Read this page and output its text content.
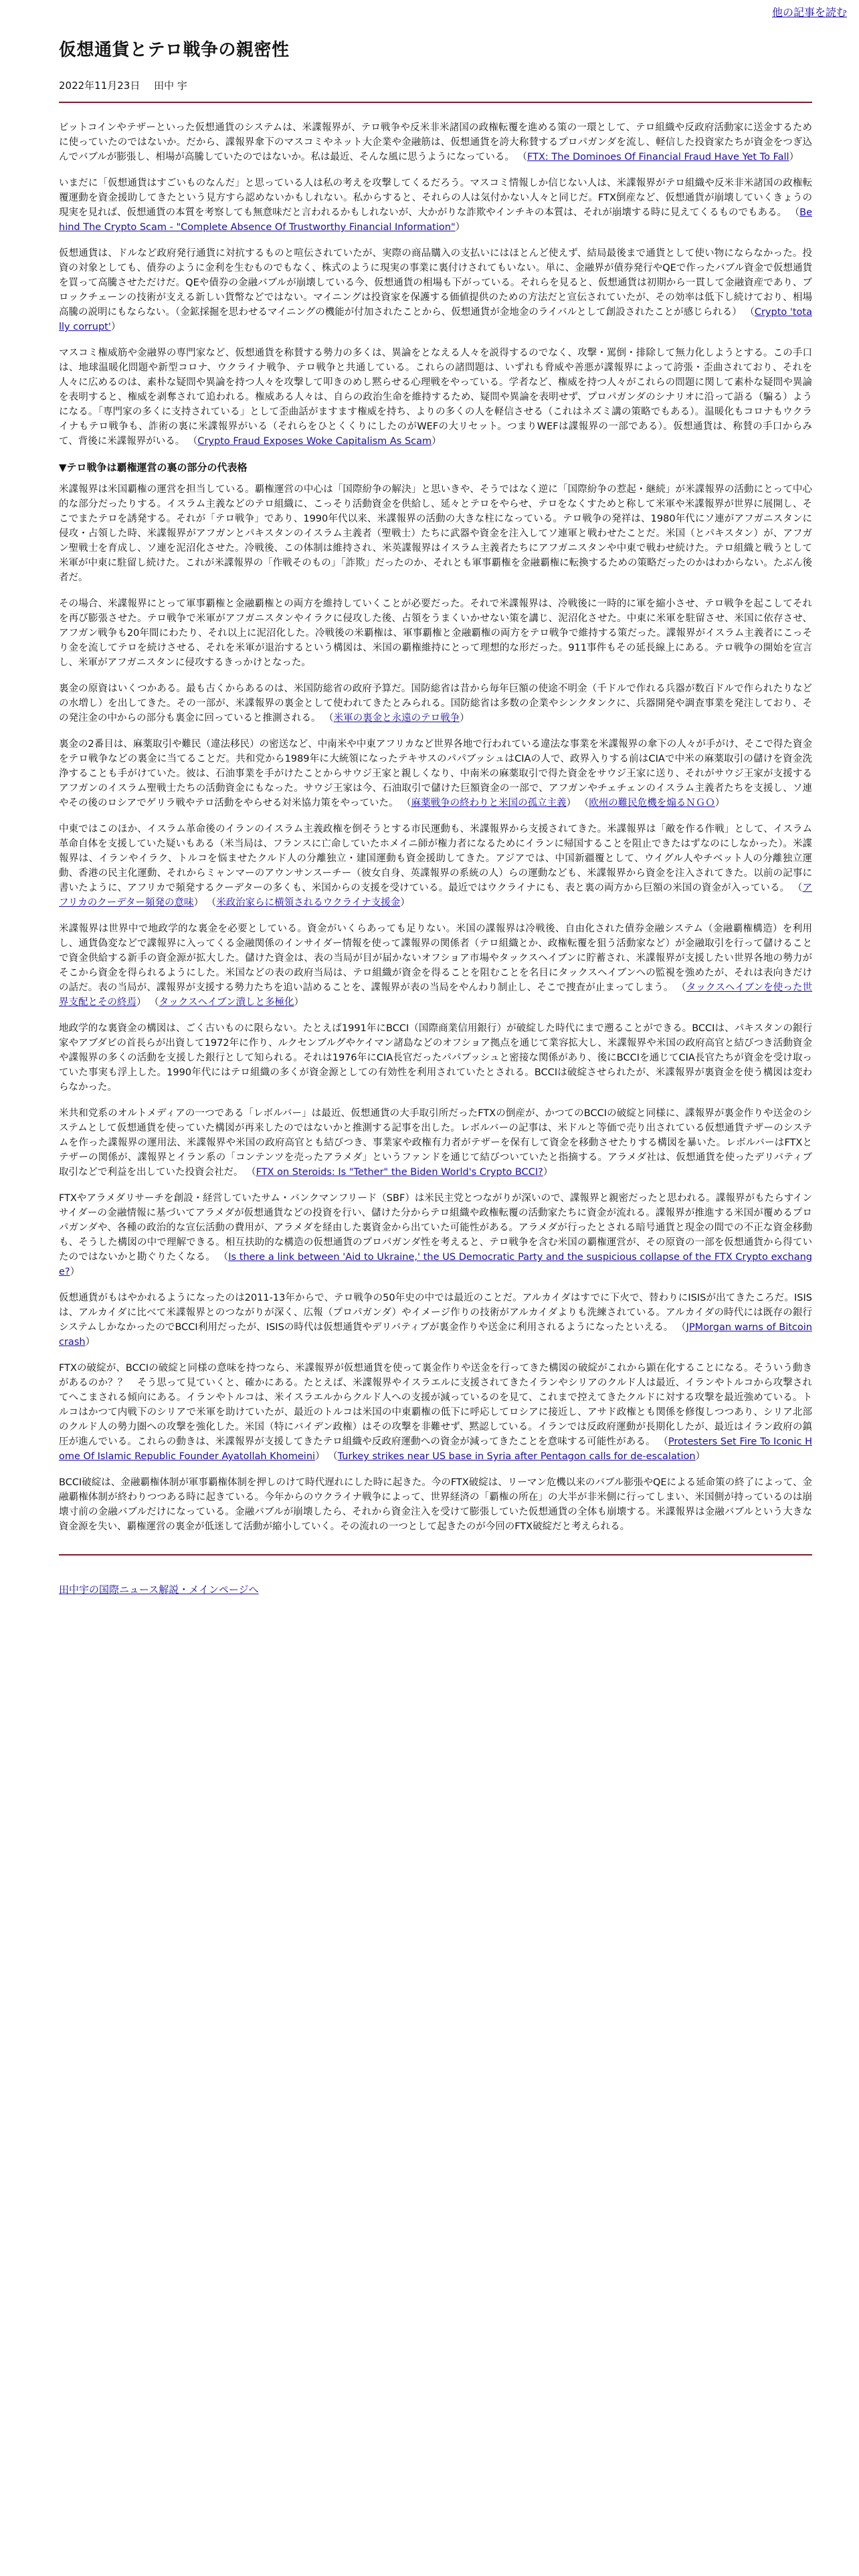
他の記事を読む
仮想通貨とテロ戦争の親密性
2022年11月23日 田中 宇

ビットコインやテザーといった仮想通貨のシステムは、米諜報界が、テロ戦争や反米非米諸国の政権転覆を進める策の一環として、テロ組織や反政府活動家に送金するために使っていたのではないか。だから、諜報界傘下のマスコミやネット大企業や金融筋は、仮想通貨を誇大称賛するプロパガンダを流し、軽信した投資家たちが資金をつぎ込んでバブルが膨張し、相場が高騰していたのではないか。私は最近、そんな風に思うようになっている。 （FTX: The Dominoes Of Financial Fraud Have Yet To Fall）

いまだに「仮想通貨はすごいものなんだ」と思っている人は私の考えを攻撃してくるだろう。マスコミ情報しか信じない人は、米諜報界がテロ組織や反米非米諸国の政権転覆運動を資金援助してきたという見方すら認めないかもしれない。私からすると、それらの人は気付かない人々と同じだ。FTX倒産など、仮想通貨が崩壊していくきょうの現実を見れば、仮想通貨の本質を考察しても無意味だと言われるかもしれないが、大かがりな詐欺やインチキの本質は、それが崩壊する時に見えてくるものでもある。 （Behind The Crypto Scam - "Complete Absence Of Trustworthy Financial Information"）

仮想通貨は、ドルなど政府発行通貨に対抗するものと喧伝されていたが、実際の商品購入の支払いにはほとんど使えず、結局最後まで通貨として使い物にならなかった。投資の対象としても、債券のように金利を生むものでもなく、株式のように現実の事業に裏付けされてもいない。単に、金融界が債券発行やQEで作ったバブル資金で仮想通貨を買って高騰させただけだ。QEや債券の金融バブルが崩壊している今、仮想通貨の相場も下がっている。それらを見ると、仮想通貨は初期から一貫して金融資産であり、ブロックチェーンの技術が支える新しい貨幣などではない。マイニングは投資家を保護する価値提供のための方法だと宣伝されていたが、その効率は低下し続けており、相場高騰の説明にもならない。（金鉱採掘を思わせるマイニングの機能が付加されたことから、仮想通貨が金地金のライバルとして創設されたことが感じられる） （Crypto 'totally corrupt'）

マスコミ権威筋や金融界の専門家など、仮想通貨を称賛する勢力の多くは、異論をとなえる人々を説得するのでなく、攻撃・罵倒・排除して無力化しようとする。この手口は、地球温暖化問題や新型コロナ、ウクライナ戦争、テロ戦争と共通している。これらの諸問題は、いずれも脅威や善悪が諜報界によって誇張・歪曲されており、それを人々に広めるのは、素朴な疑問や異論を持つ人々を攻撃して叩きのめし黙らせる心理戦をやっている。学者など、権威を持つ人々がこれらの問題に関して素朴な疑問や異論を表明すると、権威を剥奪されて追われる。権威ある人々は、自らの政治生命を維持するため、疑問や異論を表明せず、プロパガンダのシナリオに沿って語る（騙る）ようになる。「専門家の多くに支持されている」として歪曲話がますます権威を持ち、よりの多くの人を軽信させる（これはネズミ講の策略でもある）。温暖化もコロナもウクライナもテロ戦争も、詐術の裏に米諜報界がいる（それらをひとくくりにしたのがWEFの大リセット。つまりWEFは諜報界の一部である）。仮想通貨は、称賛の手口からみて、背後に米諜報界がいる。 （Crypto Fraud Exposes Woke Capitalism As Scam）

▼テロ戦争は覇権運営の裏の部分の代表格

米諜報界は米国覇権の運営を担当している。覇権運営の中心は「国際紛争の解決」と思いきや、そうではなく逆に「国際紛争の惹起・継続」が米諜報界の活動にとって中心的な部分だったりする。イスラム主義などのテロ組織に、こっそり活動資金を供給し、延々とテロをやらせ、テロをなくすためと称して米軍や米諜報界が世界に展開し、そこでまたテロを誘発する。それが「テロ戦争」であり、1990年代以来、米諜報界の活動の大きな柱になっている。テロ戦争の発祥は、1980年代にソ連がアフガニスタンに侵攻・占領した時、米諜報界がアフガンとパキスタンのイスラム主義者（聖戦士）たちに武器や資金を注入してソ連軍と戦わせたことだ。米国（とパキスタン）が、アフガン聖戦士を育成し、ソ連を泥沼化させた。冷戦後、この体制は維持され、米英諜報界はイスラム主義者たちにアフガニスタンや中東で戦わせ続けた。テロ組織と戦うとして米軍が中東に駐留し続けた。これが米諜報界の「作戦そのもの」「詐欺」だったのか、それとも軍事覇権を金融覇権に転換するための策略だったのかはわからない。たぶん後者だ。

その場合、米諜報界にとって軍事覇権と金融覇権との両方を維持していくことが必要だった。それで米諜報界は、冷戦後に一時的に軍を縮小させ、テロ戦争を起こしてそれを再び膨張させた。テロ戦争で米軍がアフガニスタンやイラクに侵攻した後、占領をうまくいかせない策を講じ、泥沼化させた。中東に米軍を駐留させ、米国に依存させ、アフガン戦争も20年間にわたり、それ以上に泥沼化した。冷戦後の米覇権は、軍事覇権と金融覇権の両方をテロ戦争で維持する策だった。諜報界がイスラム主義者にこっそり金を流してテロを続けさせる、それを米軍が退治するという構図は、米国の覇権維持にとって理想的な形だった。911事件もその延長線上にある。テロ戦争の開始を宣言し、米軍がアフガニスタンに侵攻するきっかけとなった。

裏金の原資はいくつかある。最も古くからあるのは、米国防総省の政府予算だ。国防総省は昔から毎年巨額の使途不明金（千ドルで作れる兵器が数百ドルで作られたりなどの水増し）を出してきた。その一部が、米諜報界の裏金として使われてきたとみられる。国防総省は多数の企業やシンクタンクに、兵器開発や調査事業を発注しており、その発注金の中からの部分も裏金に回っていると推測される。 （米軍の裏金と永遠のテロ戦争）

裏金の2番目は、麻薬取引や難民（違法移民）の密送など、中南米や中東アフリカなど世界各地で行われている違法な事業を米諜報界の傘下の人々が手がけ、そこで得た資金をテロ戦争などの裏金に当てることだ。共和党から1989年に大統領になったテキサスのパパブッシュはCIAの人で、政界入りする前はCIAで中米の麻薬取引の儲けを資金洗浄することも手がけていた。彼は、石油事業を手がけたことからサウジ王家と親しくなり、中南米の麻薬取引で得た資金をサウジ王家に送り、それがサウジ王家が支援するアフガンのイスラム聖戦士たちの活動資金にもなった。サウジ王家は今、石油取引で儲けた巨額資金の一部で、アフガンやチェチェンのイスラム主義者たちを支援し、ソ連やその後のロシアでゲリラ戦やテロ活動をやらせる対米協力策をやっていた。 （麻薬戦争の終わりと米国の孤立主義） （欧州の難民危機を煽るＮＧＯ）

中東ではこのほか、イスラム革命後のイランのイスラム主義政権を倒そうとする市民運動も、米諜報界から支援されてきた。米諜報界は「敵を作る作戦」として、イスラム革命自体を支援していた疑いもある（米当局は、フランスに亡命していたホメイニ師が権力者になるためにイランに帰国することを阻止できたはずなのにしなかった）。米諜報界は、イランやイラク、トルコを悩ませたクルド人の分離独立・建国運動も資金援助してきた。アジアでは、中国新疆覆として、ウイグル人やチベット人の分離独立運動、香港の民主化運動、それからミャンマーのアウンサンスーチー（彼女自身、英諜報界の系統の人）らの運動なども、米諜報界から資金を注入されてきた。以前の記事に書いたように、アフリカで頻発するクーデターの多くも、米国からの支援を受けている。最近ではウクライナにも、表と裏の両方から巨額の米国の資金が入っている。 （アフリカのクーデター頻発の意味） （米政治家らに横領されるウクライナ支援金）

米諜報界は世界中で地政学的な裏金を必要としている。資金がいくらあっても足りない。米国の諜報界は冷戦後、自由化された債券金融システム（金融覇権構造）を利用し、通貨偽変などで諜報界に入ってくる金融関係のインサイダー情報を使って諜報界の関係者（テロ組織とか、政権転覆を狙う活動家など）が金融取引を行って儲けることで資金供給する新手の資金源が拡大した。儲けた資金は、表の当局が目が届かないオフショア市場やタックスヘイブンに貯蓄され、米諜報界が支援したい世界各地の勢力がそこから資金を得られるようにした。米国などの表の政府当局は、テロ組織が資金を得ることを阻むことを名目にタックスヘイブンへの監視を強めたが、それは表向きだけの話だ。表の当局が、諜報界が支援する勢力たちを追い詰めることを、諜報界が表の当局をやんわり制止し、そこで捜査が止まってしまう。 （タックスヘイブンを使った世界支配とその終焉） （タックスヘイブン潰しと多極化）

地政学的な裏資金の構図は、ごく古いものに限らない。たとえば1991年にBCCI（国際商業信用銀行）が破綻した時代にまで遡ることができる。BCCIは、パキスタンの銀行家やアブダビの首長らが出資して1972年に作り、ルクセンブルグやケイマン諸島などのオフショア拠点を通じて業容拡大し、米諜報界や米国の政府高官と結びつき活動資金や諜報界の多くの活動を支援した銀行として知られる。それは1976年にCIA長官だったパパブッシュと密接な関係があり、後にBCCIを通じてCIA長官たちが資金を受け取っていた事実も浮上した。1990年代にはテロ組織の多くが資金源としての有効性を利用されていたとされる。BCCIは破綻させられたが、米諜報界が裏資金を使う構図は変わらなかった。

米共和党系のオルトメディアの一つである「レボルバー」は最近、仮想通貨の大手取引所だったFTXの倒産が、かつてのBCCIの破綻と同様に、諜報界が裏金作りや送金のシステムとして仮想通貨を使っていた構図が再来したのではないかと推測する記事を出した。レボルバーの記事は、米ドルと等価で売り出されている仮想通貨テザーのシステムを作った諜報界の運用法、米諜報界や米国の政府高官とも結びつき、事業家や政権有力者がテザーを保有して資金を移動させたりする構図を暴いた。レボルバーはFTXとテザーの関係が、諜報界とイラン系の「コンテンツを売ったアラメダ」というファンドを通じて結びついていたと指摘する。アラメダ社は、仮想通貨を使ったデリバティブ取引などで利益を出していた投資会社だ。 （FTX on Steroids: Is "Tether" the Biden World's Crypto BCCI?）

FTXやアラメダリサーチを創設・経営していたサム・バンクマンフリード（SBF）は米民主党とつながりが深いので、諜報界と親密だったと思われる。諜報界がもたらすインサイダーの金融情報に基づいてアラメダが仮想通貨などの投資を行い、儲けた分からテロ組織や政権転覆の活動家たちに資金が流れる。諜報界が推進する米国が覆めるプロパガンダや、各種の政治的な宣伝活動の費用が、アラメダを経由した裏資金から出ていた可能性がある。アラメダが行ったとされる暗号通貨と現金の間での不正な資金移動も、そうした構図の中で理解できる。相互扶助的な構造の仮想通貨のプロパガンダ性を考えると、テロ戦争を含む米国の覇権運営が、その原資の一部を仮想通貨から得ていたのではないかと勘ぐりたくなる。 （Is there a link between 'Aid to Ukraine,' the US Democratic Party and the suspicious collapse of the FTX Crypto exchange?）

仮想通貨がもはやかれるようになったのは2011-13年からで、テロ戦争の50年史の中では最近のことだ。アルカイダはすでに下火で、替わりにISISが出てきたころだ。ISISは、アルカイダに比べて米諜報界とのつながりが深く、広報（プロパガンダ）やイメージ作りの技術がアルカイダよりも洗練されている。アルカイダの時代には既存の銀行システムしかなかったのでBCCI利用だったが、ISISの時代は仮想通貨やデリバティブが裏金作りや送金に利用されるようになったといえる。 （JPMorgan warns of Bitcoin crash）

FTXの破綻が、BCCIの破綻と同様の意味を持つなら、米諜報界が仮想通貨を使って裏金作りや送金を行ってきた構図の破綻がこれから顕在化することになる。そういう動きがあるのか？？　そう思って見ていくと、確かにある。たとえば、米諜報界やイスラエルに支援されてきたイランやシリアのクルド人は最近、イランやトルコから攻撃されてへこまされる傾向にある。イランやトルコは、米イスラエルからクルド人への支援が減っているのを見て、これまで控えてきたクルドに対する攻撃を最近強めている。トルコはかつて内戦下のシリアで米軍を助けていたが、最近のトルコは米国の中東覇権の低下に呼応してロシアに接近し、アサド政権とも関係を修復しつつあり、シリア北部のクルド人の勢力圏への攻撃を強化した。米国（特にバイデン政権）はその攻撃を非難せず、黙認している。イランでは反政府運動が長期化したが、最近はイラン政府の鎮圧が進んでいる。これらの動きは、米諜報界が支援してきたテロ組織や反政府運動への資金が減ってきたことを意味する可能性がある。 （Protesters Set Fire To Iconic Home Of Islamic Republic Founder Ayatollah Khomeini） （Turkey strikes near US base in Syria after Pentagon calls for de-escalation）

BCCI破綻は、金融覇権体制が軍事覇権体制を押しのけて時代遅れにした時に起きた。今のFTX破綻は、リーマン危機以来のバブル膨張やQEによる延命策の終了によって、金融覇権体制が終わりつつある時に起きている。今年からのウクライナ戦争によって、世界経済の「覇権の所在」の大半が非米側に行ってしまい、米国側が持っているのは崩壊寸前の金融バブルだけになっている。金融バブルが崩壊したら、それから資金注入を受けて膨張していた仮想通貨の全体も崩壊する。米諜報界は金融バブルという大きな資金源を失い、覇権運営の裏金が低迷して活動が縮小していく。その流れの一つとして起きたのが今回のFTX破綻だと考えられる。

田中宇の国際ニュース解説・メインページへ
